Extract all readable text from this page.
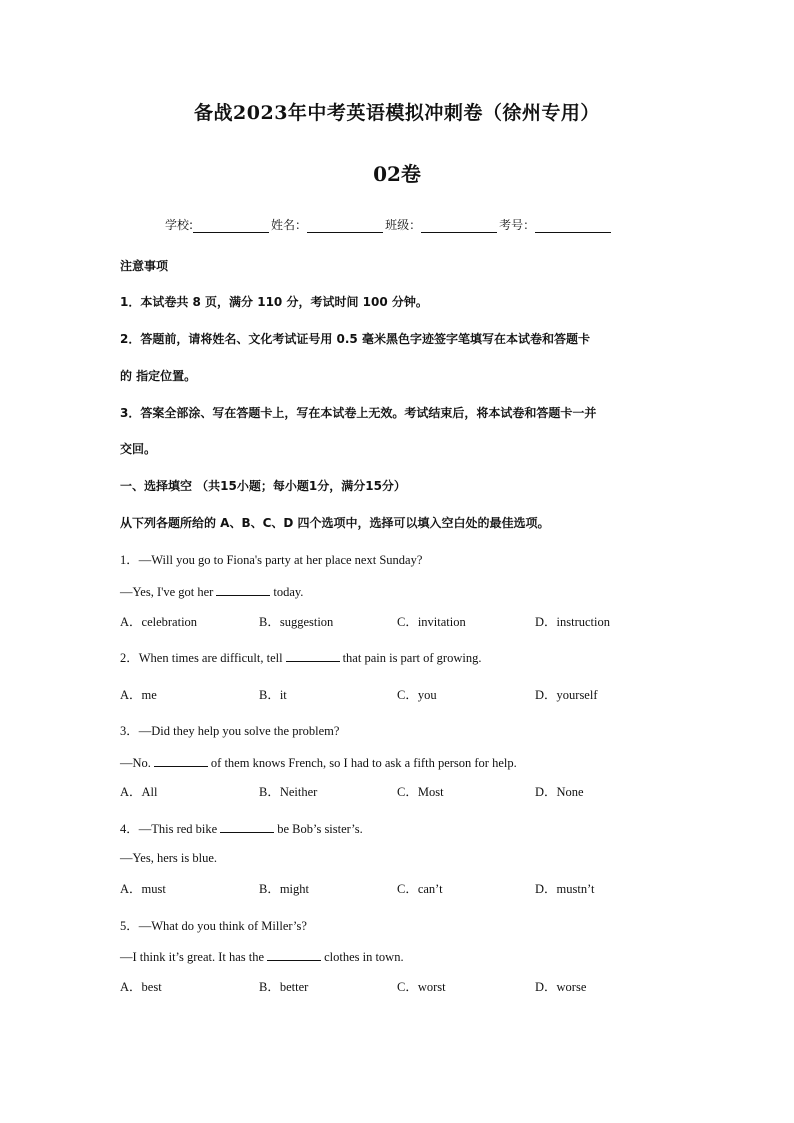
备战2023年中考英语模拟冲刺卷（徐州专用）
02卷
学校:	姓名：	班级：	考号：
注意事项
1．本试卷共 8 页，满分 110 分，考试时间 100 分钟。
2．答题前，请将姓名、文化考试证号用 0.5 毫米黑色字迹签字笔填写在本试卷和答题卡
的 指定位置。
3．答案全部涂、写在答题卡上，写在本试卷上无效。考试结束后，将本试卷和答题卡一并
交回。
一、选择填空 （共15小题；每小题1分，满分15分）
从下列各题所给的 A、B、C、D 四个选项中，选择可以填入空白处的最佳选项。
1．—Will you go to Fiona's party at her place next Sunday?
—Yes, I've got her	today.
A．celebration	B．suggestion	C．invitation	D．instruction
2．When times are difficult, tell	that pain is part of growing.
A．me	B．it	C．you	D．yourself
3．—Did they help you solve the problem?
—No.	of them knows French, so I had to ask a fifth person for help.
A．All	B．Neither	C．Most	D．None
4．—This red bike	be Bob’s sister’s.
—Yes, hers is blue.
A．must	B．might	C．can’t	D．mustn’t
5．—What do you think of Miller’s?
—I think it’s great. It has the	clothes in town.
A．best	B．better	C．worst	D．worse
